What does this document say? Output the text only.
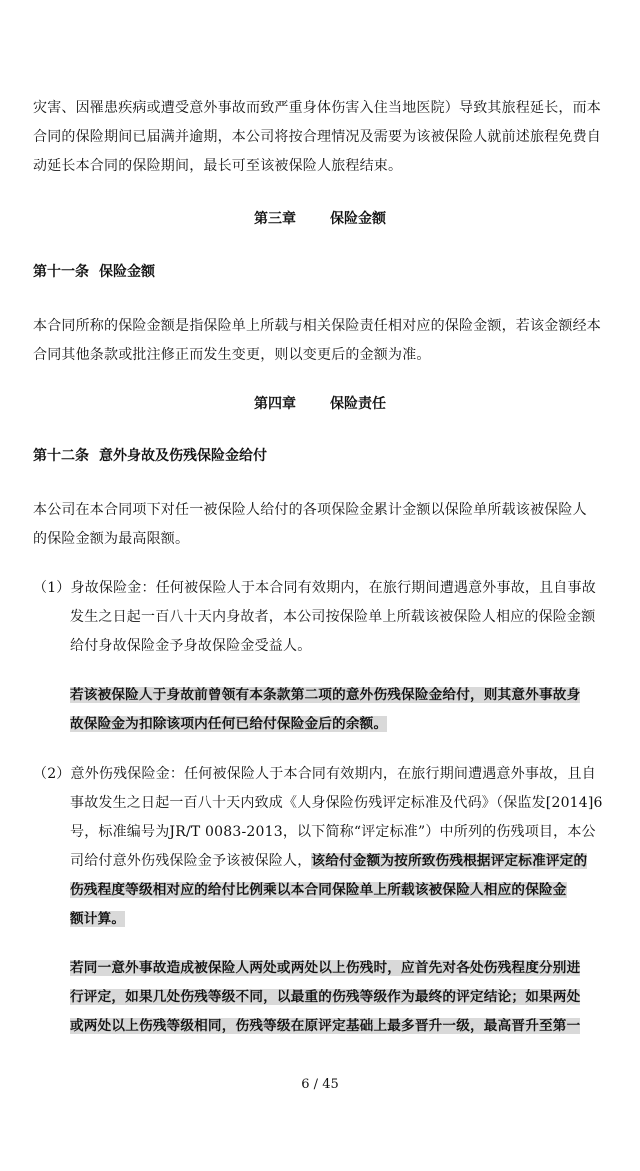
灾害、因罹患疾病或遭受意外事故而致严重身体伤害入住当地医院）导致其旅程延长，而本
合同的保险期间已届满并逾期，本公司将按合理情况及需要为该被保险人就前述旅程免费自
动延长本合同的保险期间，最长可至该被保险人旅程结束。
第三章 保险金额
第十一条 保险金额
本合同所称的保险金额是指保险单上所载与相关保险责任相对应的保险金额，若该金额经本
合同其他条款或批注修正而发生变更，则以变更后的金额为准。
第四章 保险责任
第十二条 意外身故及伤残保险金给付
本公司在本合同项下对任一被保险人给付的各项保险金累计金额以保险单所载该被保险人
的保险金额为最高限额。
（1）身故保险金：任何被保险人于本合同有效期内，在旅行期间遭遇意外事故，且自事故
发生之日起一百八十天内身故者，本公司按保险单上所载该被保险人相应的保险金额
给付身故保险金予身故保险金受益人。
若该被保险人于身故前曾领有本条款第二项的意外伤残保险金给付，则其意外事故身
故保险金为扣除该项内任何已给付保险金后的余额。
（2）意外伤残保险金：任何被保险人于本合同有效期内，在旅行期间遭遇意外事故，且自
事故发生之日起一百八十天内致成《人身保险伤残评定标准及代码》（保监发[2014]6
号，标准编号为JR/T 0083-2013，以下简称“评定标准”）中所列的伤残项目，本公
司给付意外伤残保险金予该被保险人，该给付金额为按所致伤残根据评定标准评定的
伤残程度等级相对应的给付比例乘以本合同保险单上所载该被保险人相应的保险金
额计算。
若同一意外事故造成被保险人两处或两处以上伤残时，应首先对各处伤残程度分别进
行评定，如果几处伤残等级不同，以最重的伤残等级作为最终的评定结论；如果两处
或两处以上伤残等级相同，伤残等级在原评定基础上最多晋升一级，最高晋升至第一
6 / 45
